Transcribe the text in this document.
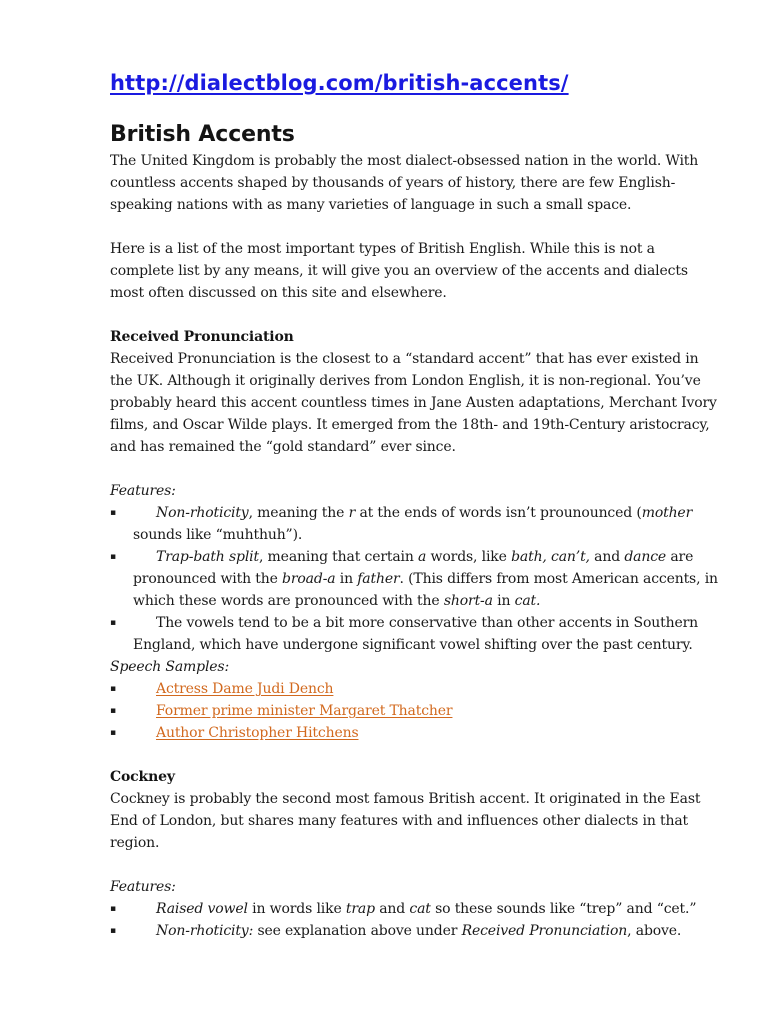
http://dialectblog.com/british-accents/
British Accents

The United Kingdom is probably the most dialect-obsessed nation in the world. With countless accents shaped by thousands of years of history, there are few English-speaking nations with as many varieties of language in such a small space.

Here is a list of the most important types of British English. While this is not a complete list by any means, it will give you an overview of the accents and dialects most often discussed on this site and elsewhere.

Received Pronunciation

Received Pronunciation is the closest to a “standard accent” that has ever existed in the UK. Although it originally derives from London English, it is non-regional. You’ve probably heard this accent countless times in Jane Austen adaptations, Merchant Ivory films, and Oscar Wilde plays. It emerged from the 18th- and 19th-Century aristocracy, and has remained the “gold standard” ever since.

Features:

▪	Non-rhoticity, meaning the r at the ends of words isn’t prounounced (mother sounds like “muhthuh”).
▪	Trap-bath split, meaning that certain a words, like bath, can’t, and dance are pronounced with the broad-a in father. (This differs from most American accents, in which these words are pronounced with the short-a in cat.
▪	The vowels tend to be a bit more conservative than other accents in Southern England, which have undergone significant vowel shifting over the past century.

Speech Samples:

▪	Actress Dame Judi Dench
▪	Former prime minister Margaret Thatcher
▪	Author Christopher Hitchens
Cockney

Cockney is probably the second most famous British accent. It originated in the East End of London, but shares many features with and influences other dialects in that region.

Features:

▪	Raised vowel in words like trap and cat so these sounds like “trep” and “cet.”
▪	Non-rhoticity: see explanation above under Received Pronunciation, above.
